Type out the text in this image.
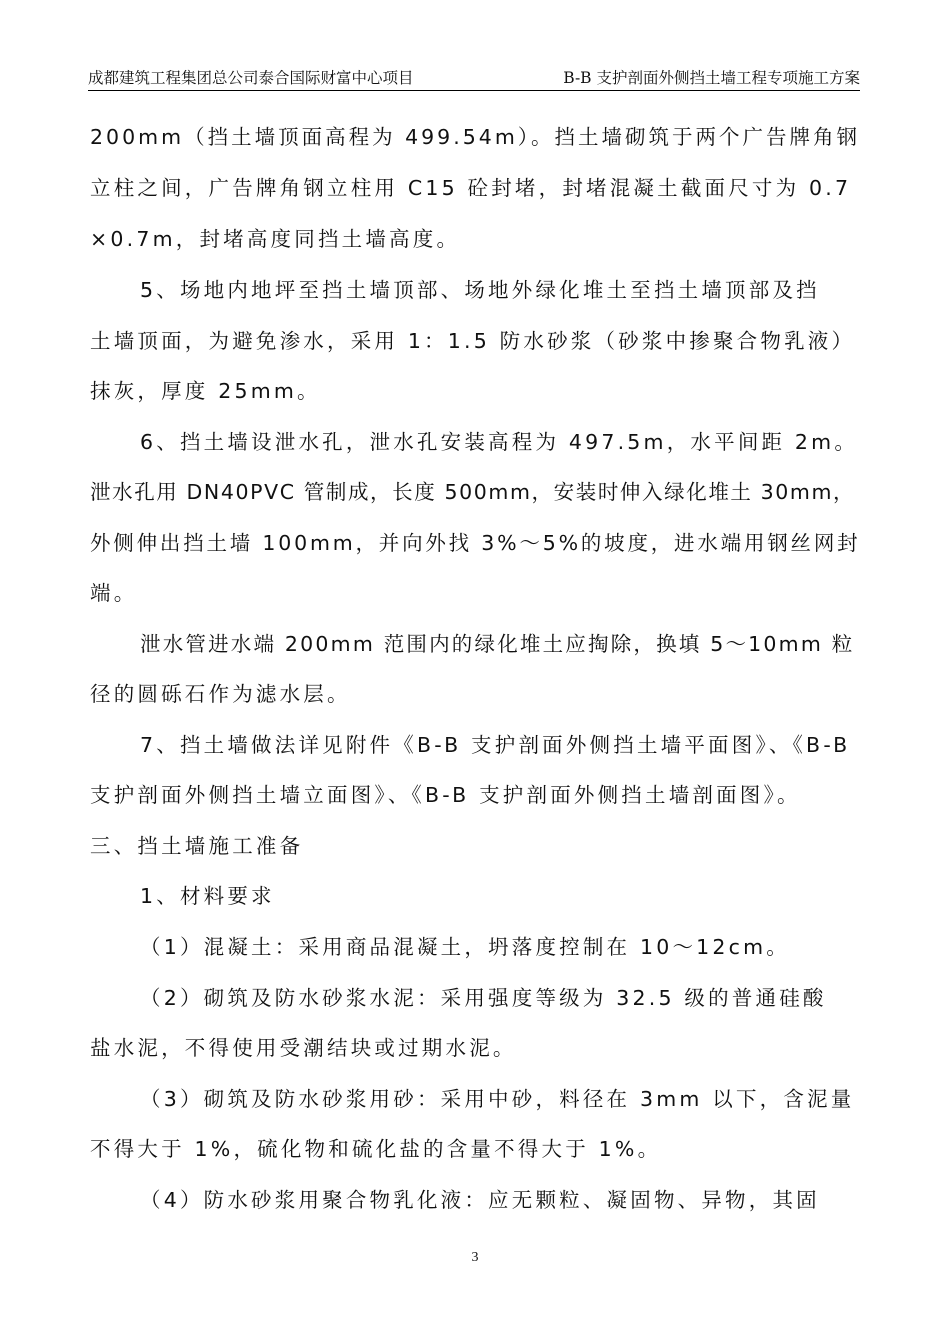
成都建筑工程集团总公司泰合国际财富中心项目	B-B 支护剖面外侧挡土墙工程专项施工方案
200mm（挡土墙顶面高程为 499.54m）。挡土墙砌筑于两个广告牌角钢
立柱之间，广告牌角钢立柱用 C15 砼封堵，封堵混凝土截面尺寸为 0.7
×0.7m，封堵高度同挡土墙高度。
5、场地内地坪至挡土墙顶部、场地外绿化堆土至挡土墙顶部及挡
土墙顶面，为避免渗水，采用 1：1.5 防水砂浆（砂浆中掺聚合物乳液）
抹灰，厚度 25mm。
6、挡土墙设泄水孔，泄水孔安装高程为 497.5m，水平间距 2m。
泄水孔用 DN40PVC 管制成，长度 500mm，安装时伸入绿化堆土 30mm，
外侧伸出挡土墙 100mm，并向外找 3%～5%的坡度，进水端用钢丝网封
端。
泄水管进水端 200mm 范围内的绿化堆土应掏除，换填 5～10mm 粒
径的圆砾石作为滤水层。
7、挡土墙做法详见附件《B-B 支护剖面外侧挡土墙平面图》、《B-B
支护剖面外侧挡土墙立面图》、《B-B 支护剖面外侧挡土墙剖面图》。
三、挡土墙施工准备
1、材料要求
（1）混凝土：采用商品混凝土，坍落度控制在 10～12cm。
（2）砌筑及防水砂浆水泥：采用强度等级为 32.5 级的普通硅酸
盐水泥，不得使用受潮结块或过期水泥。
（3）砌筑及防水砂浆用砂：采用中砂，料径在 3mm 以下，含泥量
不得大于 1%，硫化物和硫化盐的含量不得大于 1%。
（4）防水砂浆用聚合物乳化液：应无颗粒、凝固物、异物，其固
3
